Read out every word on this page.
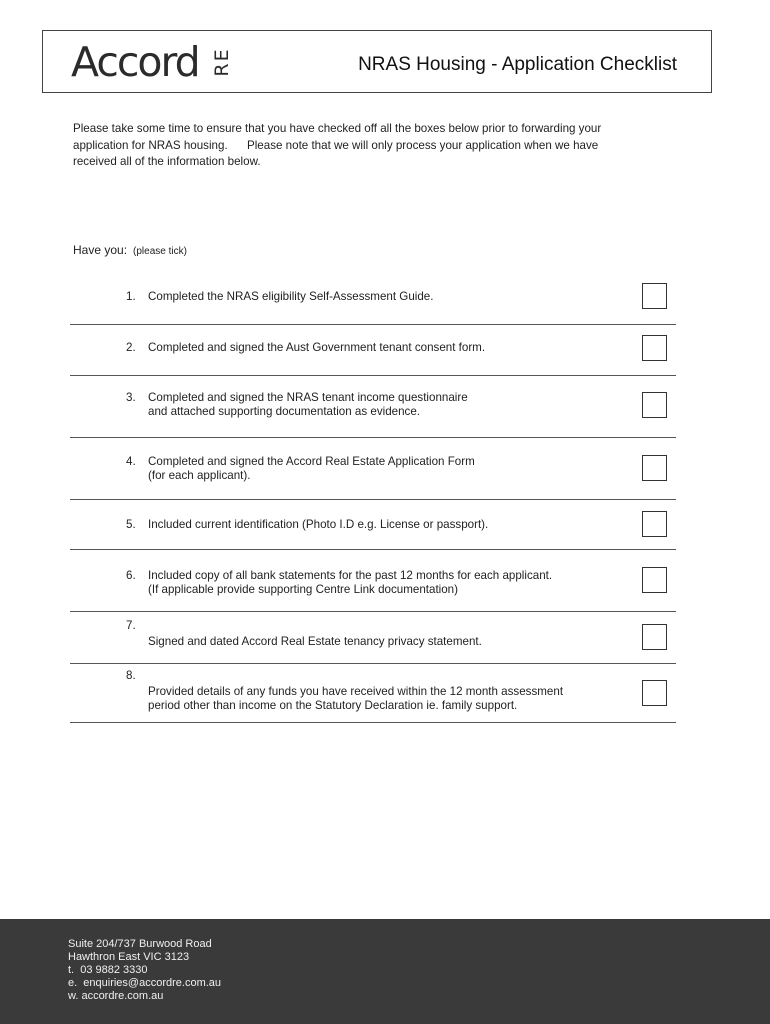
Accord RE	NRAS Housing - Application Checklist
Please take some time to ensure that you have checked off all the boxes below prior to forwarding your
application for NRAS housing.      Please note that we will only process your application when we have
received all of the information below.
Have you: (please tick)
1. Completed the NRAS eligibility Self-Assessment Guide.
2. Completed and signed the Aust Government tenant consent form.
3. Completed and signed the NRAS tenant income questionnaire
and attached supporting documentation as evidence.
4. Completed and signed the Accord Real Estate Application Form
(for each applicant).
5. Included current identification (Photo I.D e.g. License or passport).
6. Included copy of all bank statements for the past 12 months for each applicant.
(If applicable provide supporting Centre Link documentation)
7.
Signed and dated Accord Real Estate tenancy privacy statement.
8.
Provided details of any funds you have received within the 12 month assessment
period other than income on the Statutory Declaration ie. family support.
Suite 204/737 Burwood Road
Hawthron East VIC 3123
t.  03 9882 3330
e.  enquiries@accordre.com.au
w. accordre.com.au
